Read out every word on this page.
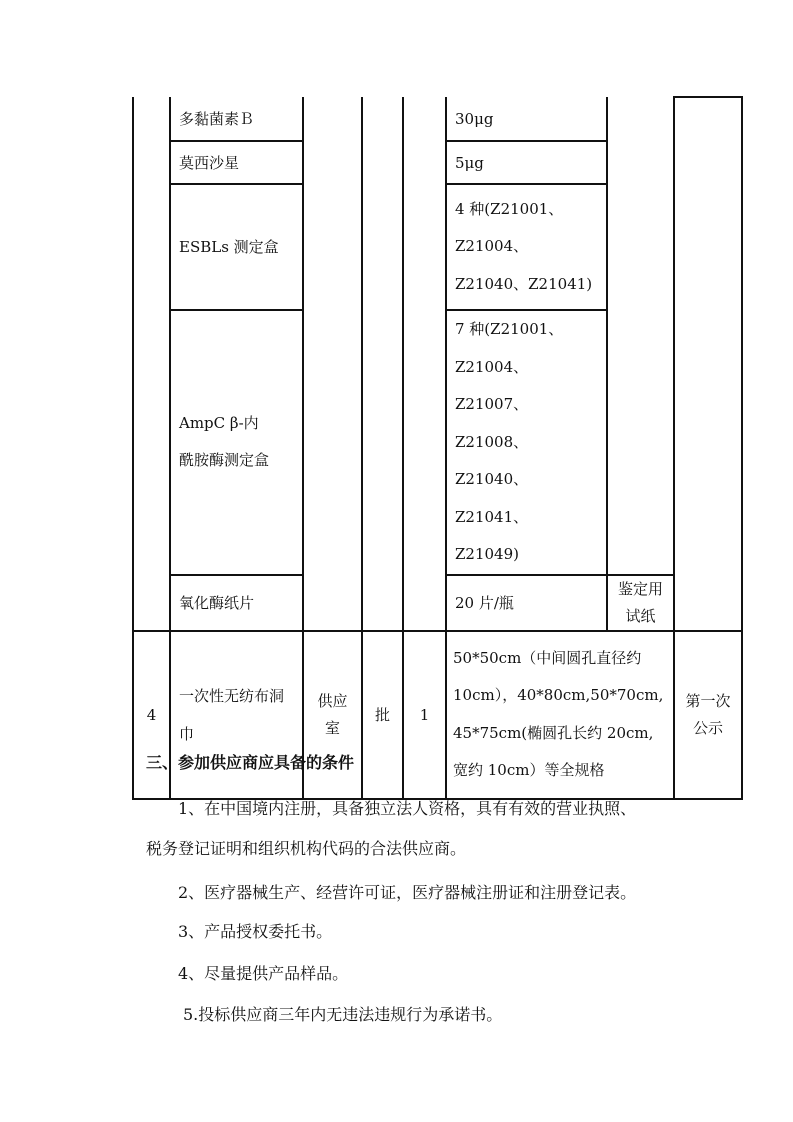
	多黏菌素Ｂ				30μg		
	莫西沙星				5μg		
	ESBLs 测定盒				4 种(Z21001、
Z21004、
Z21040、Z21041)		

	AmpC β-内
酰胺酶测定盒				7 种(Z21001、
Z21004、Z21007、
Z21008、
Z21040、Z21041、
Z21049)		

	氧化酶纸片				20 片/瓶	鉴定用
试纸	

4	一次性无纺布洞巾	供应
室	批	1	50*50cm（中间圆孔直径约
10cm），40*80cm,50*70cm,
45*75cm(椭圆孔长约 20cm,
宽约 10cm）等全规格		第一次
公示
三、参加供应商应具备的条件

1、在中国境内注册，具备独立法人资格，具有有效的营业执照、

税务登记证明和组织机构代码的合法供应商。

2、医疗器械生产、经营许可证，医疗器械注册证和注册登记表。

3、产品授权委托书。

4、尽量提供产品样品。

5.投标供应商三年内无违法违规行为承诺书。
